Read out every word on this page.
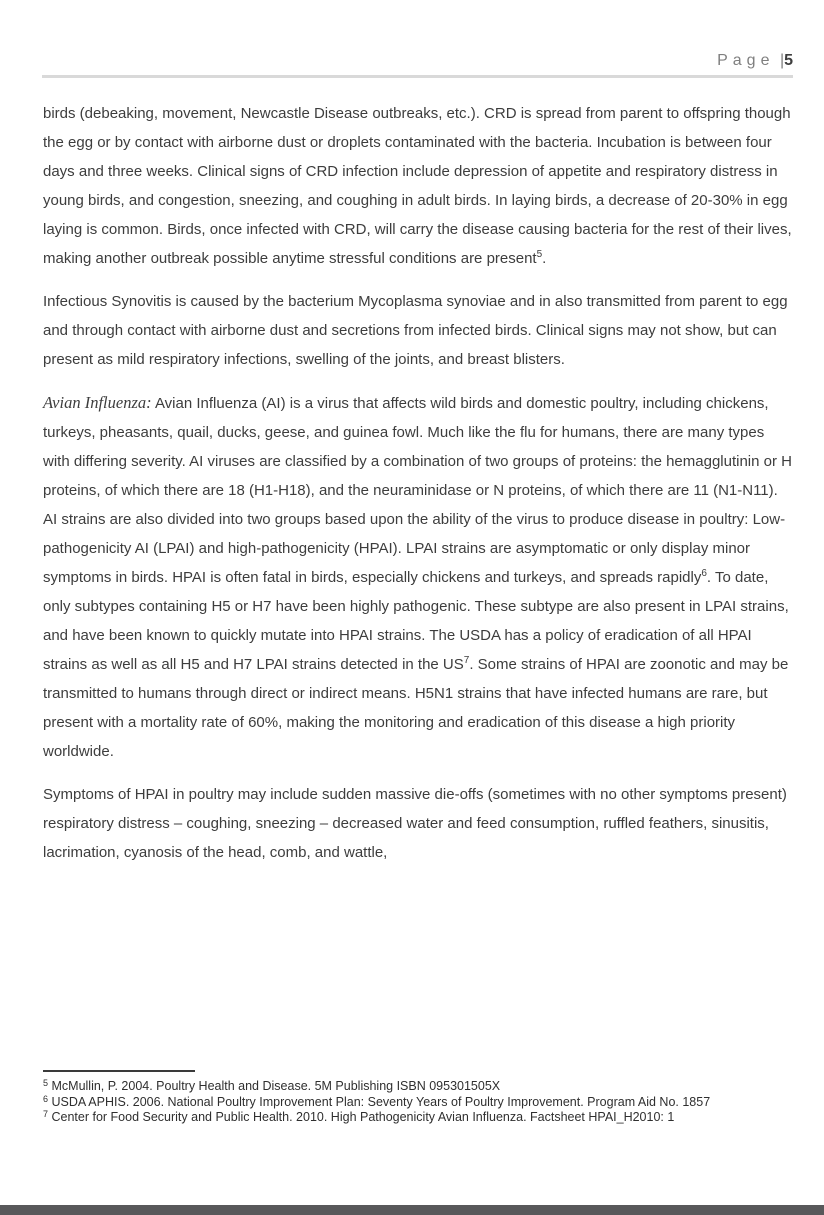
Page |5

birds (debeaking, movement, Newcastle Disease outbreaks, etc.). CRD is spread from parent to offspring though the egg or by contact with airborne dust or droplets contaminated with the bacteria. Incubation is between four days and three weeks. Clinical signs of CRD infection include depression of appetite and respiratory distress in young birds, and congestion, sneezing, and coughing in adult birds. In laying birds, a decrease of 20-30% in egg laying is common. Birds, once infected with CRD, will carry the disease causing bacteria for the rest of their lives, making another outbreak possible anytime stressful conditions are present$^5$.

Infectious Synovitis is caused by the bacterium Mycoplasma synoviae and in also transmitted from parent to egg and through contact with airborne dust and secretions from infected birds. Clinical signs may not show, but can present as mild respiratory infections, swelling of the joints, and breast blisters.

Avian Influenza: Avian Influenza (AI) is a virus that affects wild birds and domestic poultry, including chickens, turkeys, pheasants, quail, ducks, geese, and guinea fowl. Much like the flu for humans, there are many types with differing severity. AI viruses are classified by a combination of two groups of proteins: the hemagglutinin or H proteins, of which there are 18 (H1-H18), and the neuraminidase or N proteins, of which there are 11 (N1-N11). AI strains are also divided into two groups based upon the ability of the virus to produce disease in poultry: Low-pathogenicity AI (LPAI) and high-pathogenicity (HPAI). LPAI strains are asymptomatic or only display minor symptoms in birds. HPAI is often fatal in birds, especially chickens and turkeys, and spreads rapidly$^6$. To date, only subtypes containing H5 or H7 have been highly pathogenic. These subtype are also present in LPAI strains, and have been known to quickly mutate into HPAI strains. The USDA has a policy of eradication of all HPAI strains as well as all H5 and H7 LPAI strains detected in the $US^7$. Some strains of HPAI are zoonotic and may be transmitted to humans through direct or indirect means. H5N1 strains that have infected humans are rare, but present with a mortality rate of 60%, making the monitoring and eradication of this disease a high priority worldwide.

Symptoms of HPAI in poultry may include sudden massive die-offs (sometimes with no other symptoms present) respiratory distress – coughing, sneezing – decreased water and feed consumption, ruffled feathers, sinusitis, lacrimation, cyanosis of the head, comb, and wattle,

$^5$ McMullin, P. 2004. Poultry Health and Disease. 5M Publishing ISBN 095301505X
$^6$ USDA APHIS. 2006. National Poultry Improvement Plan: Seventy Years of Poultry Improvement. Program Aid No. 1857
$^7$ Center for Food Security and Public Health. 2010. High Pathogenicity Avian Influenza. Factsheet HPAI_H2010: 1
